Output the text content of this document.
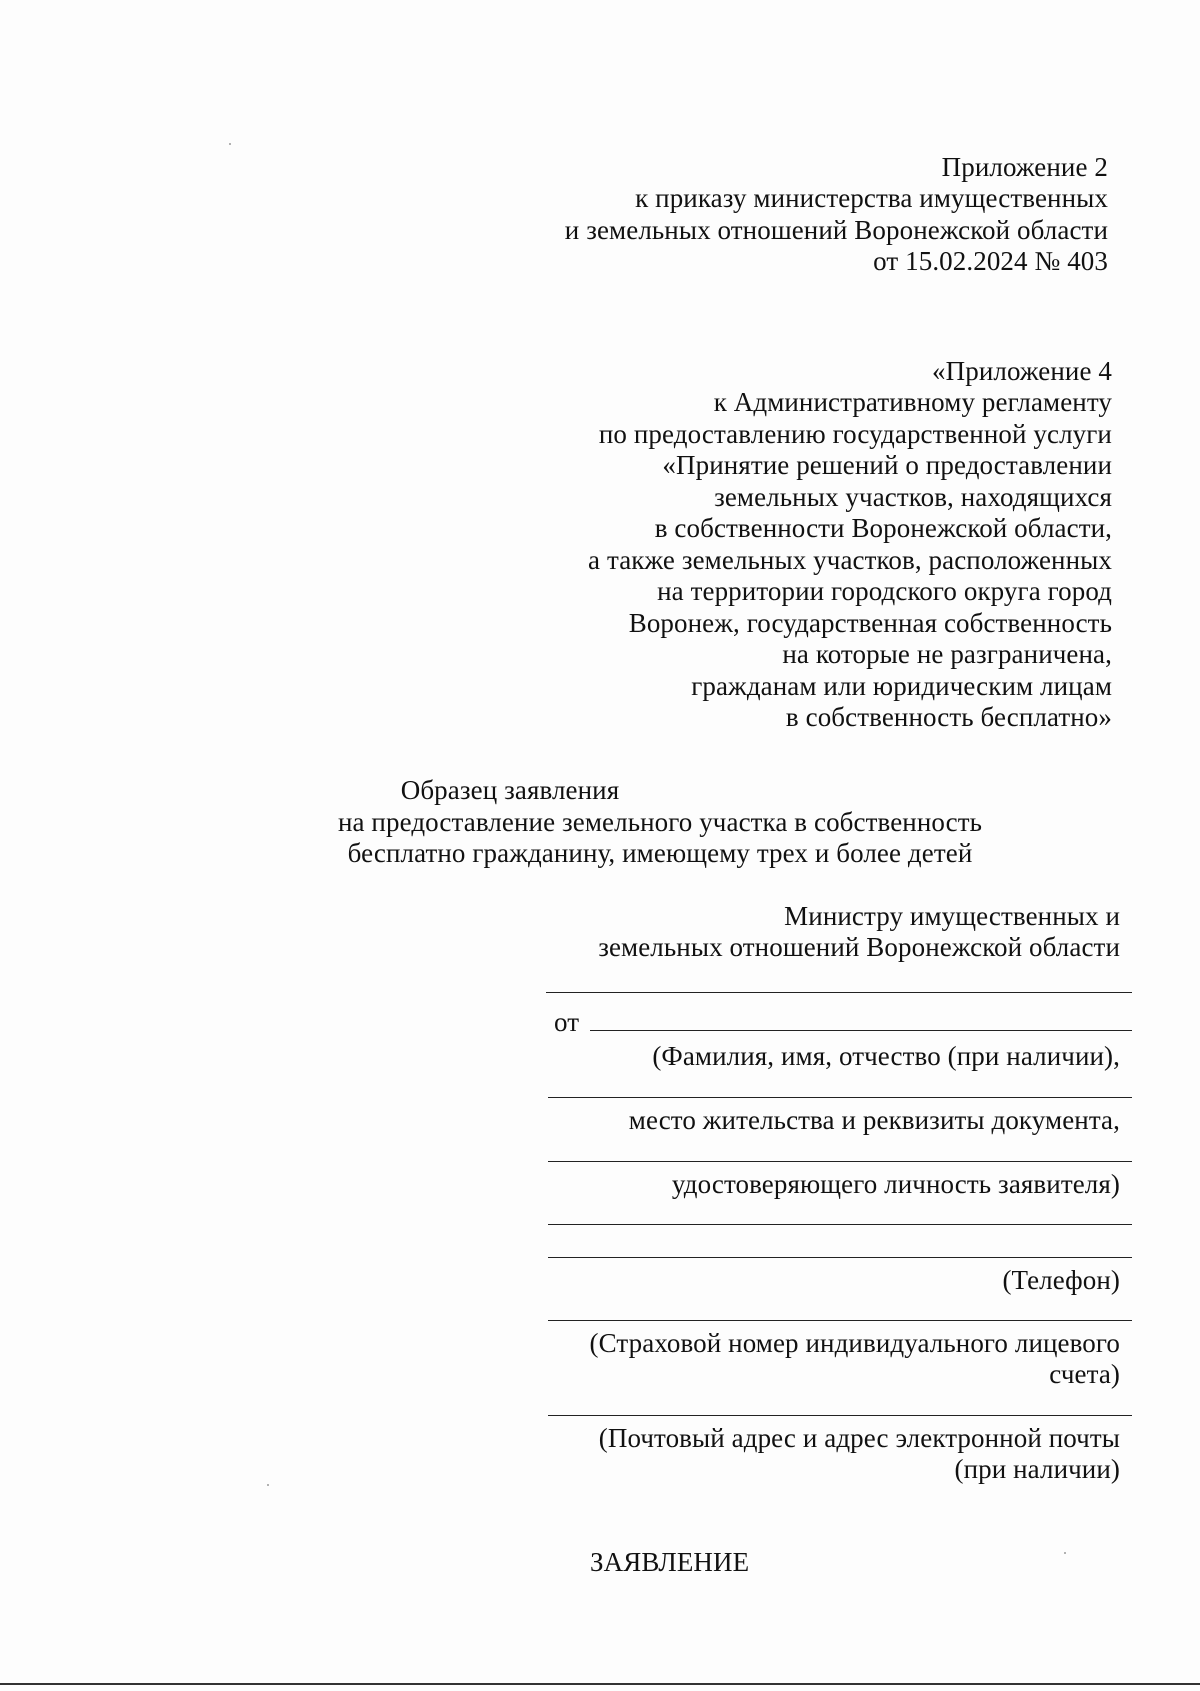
Приложение 2
к приказу министерства имущественных
и земельных отношений Воронежской области
от 15.02.2024 № 403
«Приложение 4
к Административному регламенту
по предоставлению государственной услуги
«Принятие решений о предоставлении
земельных участков, находящихся
в собственности Воронежской области,
а также земельных участков, расположенных
на территории городского округа город
Воронеж, государственная собственность
на которые не разграничена,
гражданам или юридическим лицам
в собственность бесплатно»
Образец заявления
на предоставление земельного участка в собственность
бесплатно гражданину, имеющему трех и более детей
Министру имущественных и
земельных отношений Воронежской области
от
(Фамилия, имя, отчество (при наличии),
место жительства и реквизиты документа,
удостоверяющего личность заявителя)
(Телефон)
(Страховой номер индивидуального лицевого
счета)
(Почтовый адрес и адрес электронной почты
(при наличии)
ЗАЯВЛЕНИЕ
